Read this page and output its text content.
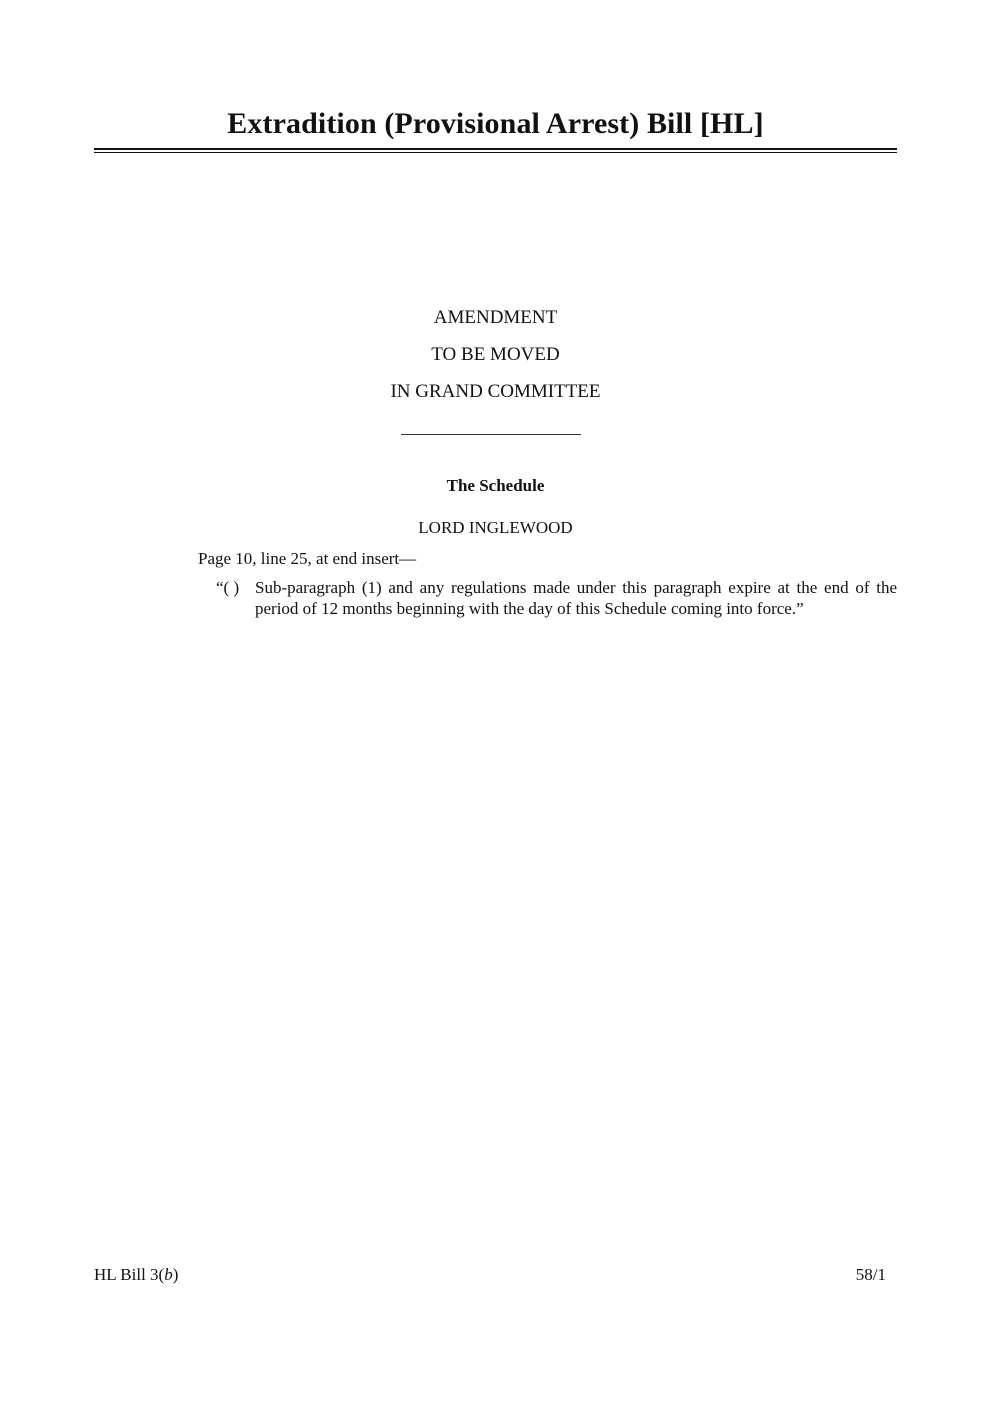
Extradition (Provisional Arrest) Bill [HL]
AMENDMENT
TO BE MOVED
IN GRAND COMMITTEE
The Schedule
LORD INGLEWOOD
Page 10, line 25, at end insert—
“( ) Sub-paragraph (1) and any regulations made under this paragraph expire at the end of the period of 12 months beginning with the day of this Schedule coming into force.”
HL Bill 3(b)	58/1
